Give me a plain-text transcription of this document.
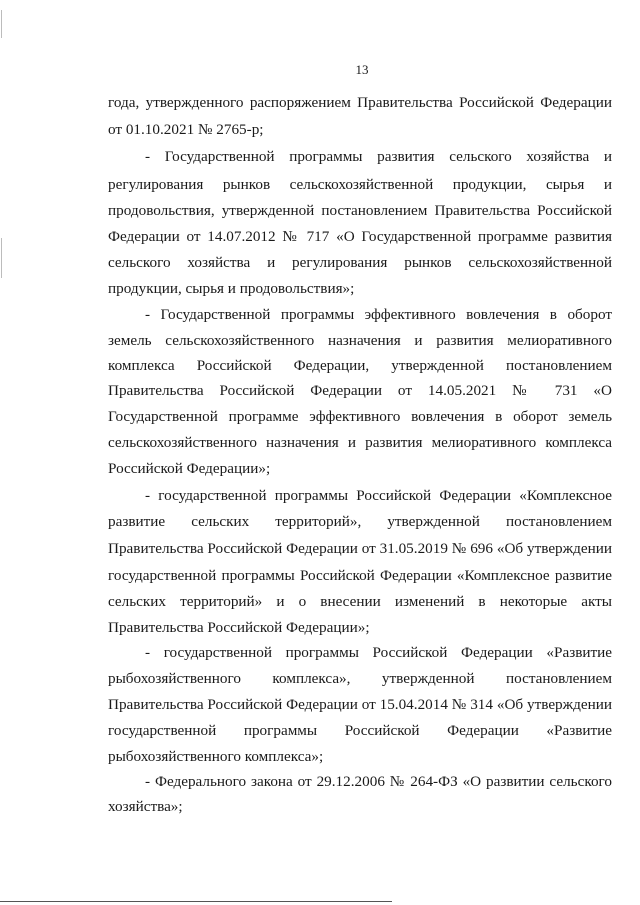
13
года, утвержденного распоряжением Правительства Российской Федерации
от 01.10.2021 № 2765-р;
- Государственной программы развития сельского хозяйства и
регулирования рынков сельскохозяйственной продукции, сырья и
продовольствия, утвержденной постановлением Правительства Российской
Федерации от 14.07.2012 № 717 «О Государственной программе развития
сельского хозяйства и регулирования рынков сельскохозяйственной
продукции, сырья и продовольствия»;
- Государственной программы эффективного вовлечения в оборот
земель сельскохозяйственного назначения и развития мелиоративного
комплекса Российской Федерации, утвержденной постановлением
Правительства Российской Федерации от 14.05.2021 № 731 «О
Государственной программе эффективного вовлечения в оборот земель
сельскохозяйственного назначения и развития мелиоративного комплекса
Российской Федерации»;
- государственной программы Российской Федерации «Комплексное
развитие сельских территорий», утвержденной постановлением
Правительства Российской Федерации от 31.05.2019 № 696 «Об утверждении
государственной программы Российской Федерации «Комплексное развитие
сельских территорий» и о внесении изменений в некоторые акты
Правительства Российской Федерации»;
- государственной программы Российской Федерации «Развитие
рыбохозяйственного комплекса», утвержденной постановлением
Правительства Российской Федерации от 15.04.2014 № 314 «Об утверждении
государственной программы Российской Федерации «Развитие
рыбохозяйственного комплекса»;
- Федерального закона от 29.12.2006 № 264-ФЗ «О развитии сельского
хозяйства»;
